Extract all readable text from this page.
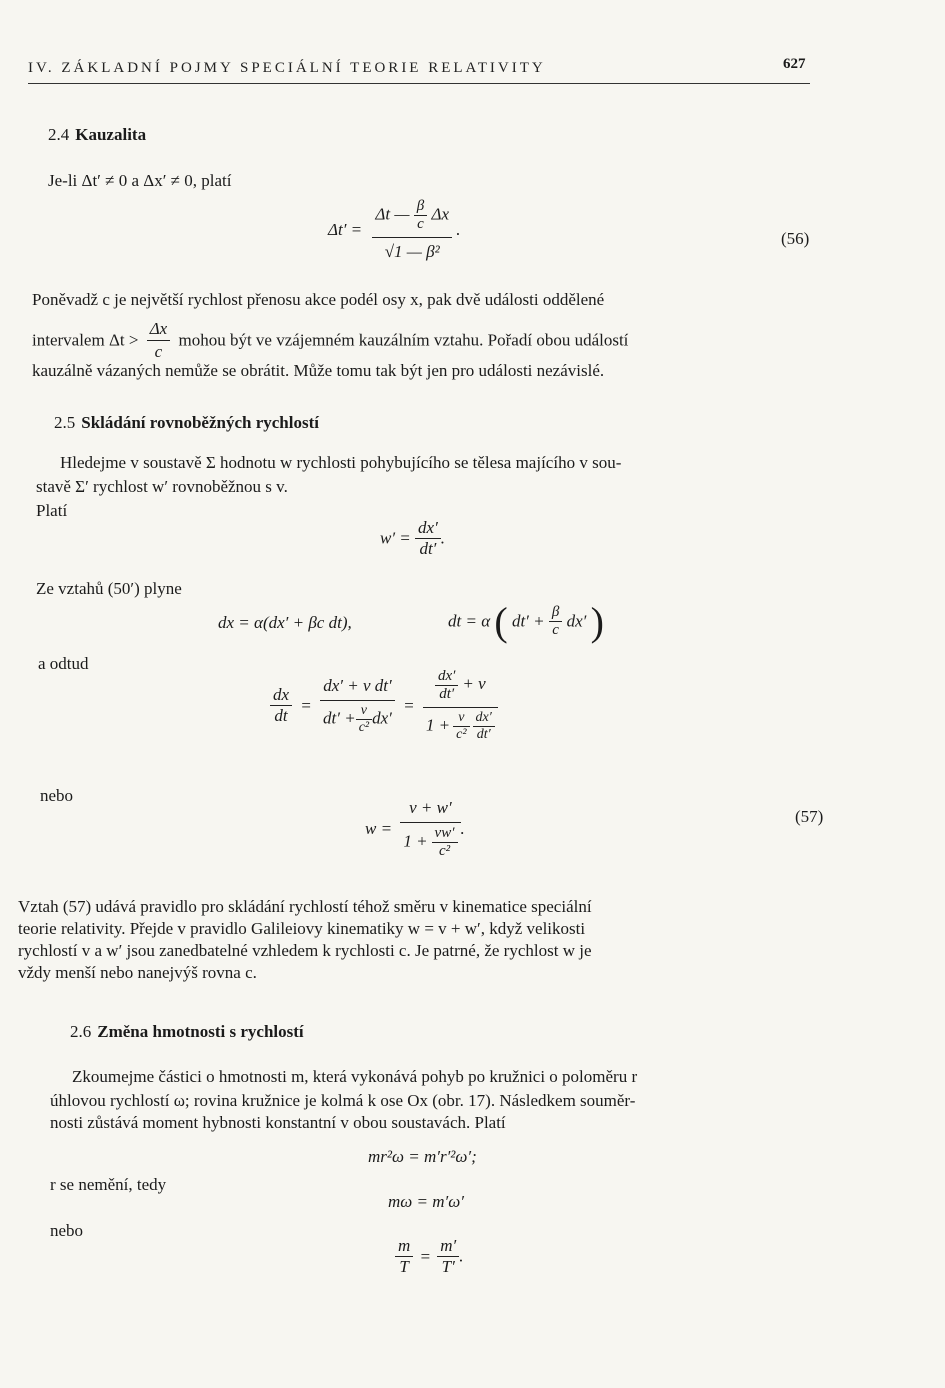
IV. ZÁKLADNÍ POJMY SPECIÁLNÍ TEORIE RELATIVITY	627
2.4 Kauzalita
Je-li Δt′ ≠ 0 a Δx′ ≠ 0, platí
$\Delta t' = \frac{\Delta t — \frac{\beta}{c} \Delta x}{\text{√1 — β²}}$ .	(56)
Poněvadž c je největší rychlost přenosu akce podél osy x, pak dvě události oddělené
intervalem $\Delta t > \frac{\Delta x}{c}$ mohou být ve vzájemném kauzálním vztahu. Pořadí obou událostí
kauzálně vázaných nemůže se obrátit. Může tomu tak být jen pro události nezávislé.
2.5 Skládání rovnoběžných rychlostí
Hledejme v soustavě Σ hodnotu w rychlosti pohybujícího se tělesa majícího v sou-
stavě Σ′ rychlost w′ rovnoběžnou s v.
Platí
$w' = \frac{dx'}{dt'}$ .
Ze vztahů (50′) plyne
dx = α(dx′ + βc dt),	dt = α ( $dt' + \frac{\beta}{c} dx'$ )
a odtud
$\frac{dx}{dt} = \frac{\text{dx′ + v dt′}}{dt' + \frac{v}{\text{c²}} dx'} = \frac{\frac{dx'}{dt'} + v}{1 + \frac{v}{\text{c²}} \frac{dx'}{dt'}}$
nebo
$w = \frac{v + w'}{1 + \frac{vw'}{\text{c²}}}$ .
(57)
Vztah (57) udává pravidlo pro skládání rychlostí téhož směru v kinematice speciální
teorie relativity. Přejde v pravidlo Galileiovy kinematiky w = v + w′, když velikosti
rychlostí v a w′ jsou zanedbatelné vzhledem k rychlosti c. Je patrné, že rychlost w je
vždy menší nebo nanejvýš rovna c.
2.6 Změna hmotnosti s rychlostí
Zkoumejme částici o hmotnosti m, která vykonává pohyb po kružnici o poloměru r
úhlovou rychlostí ω; rovina kružnice je kolmá k ose Ox (obr. 17). Následkem souměr-
nosti zůstává moment hybnosti konstantní v obou soustavách. Platí
mr²ω = m′r′²ω′;
r se nemění, tedy
mω = m′ω′
nebo
$\frac{m}{T} = \frac{m'}{T'}$ .
